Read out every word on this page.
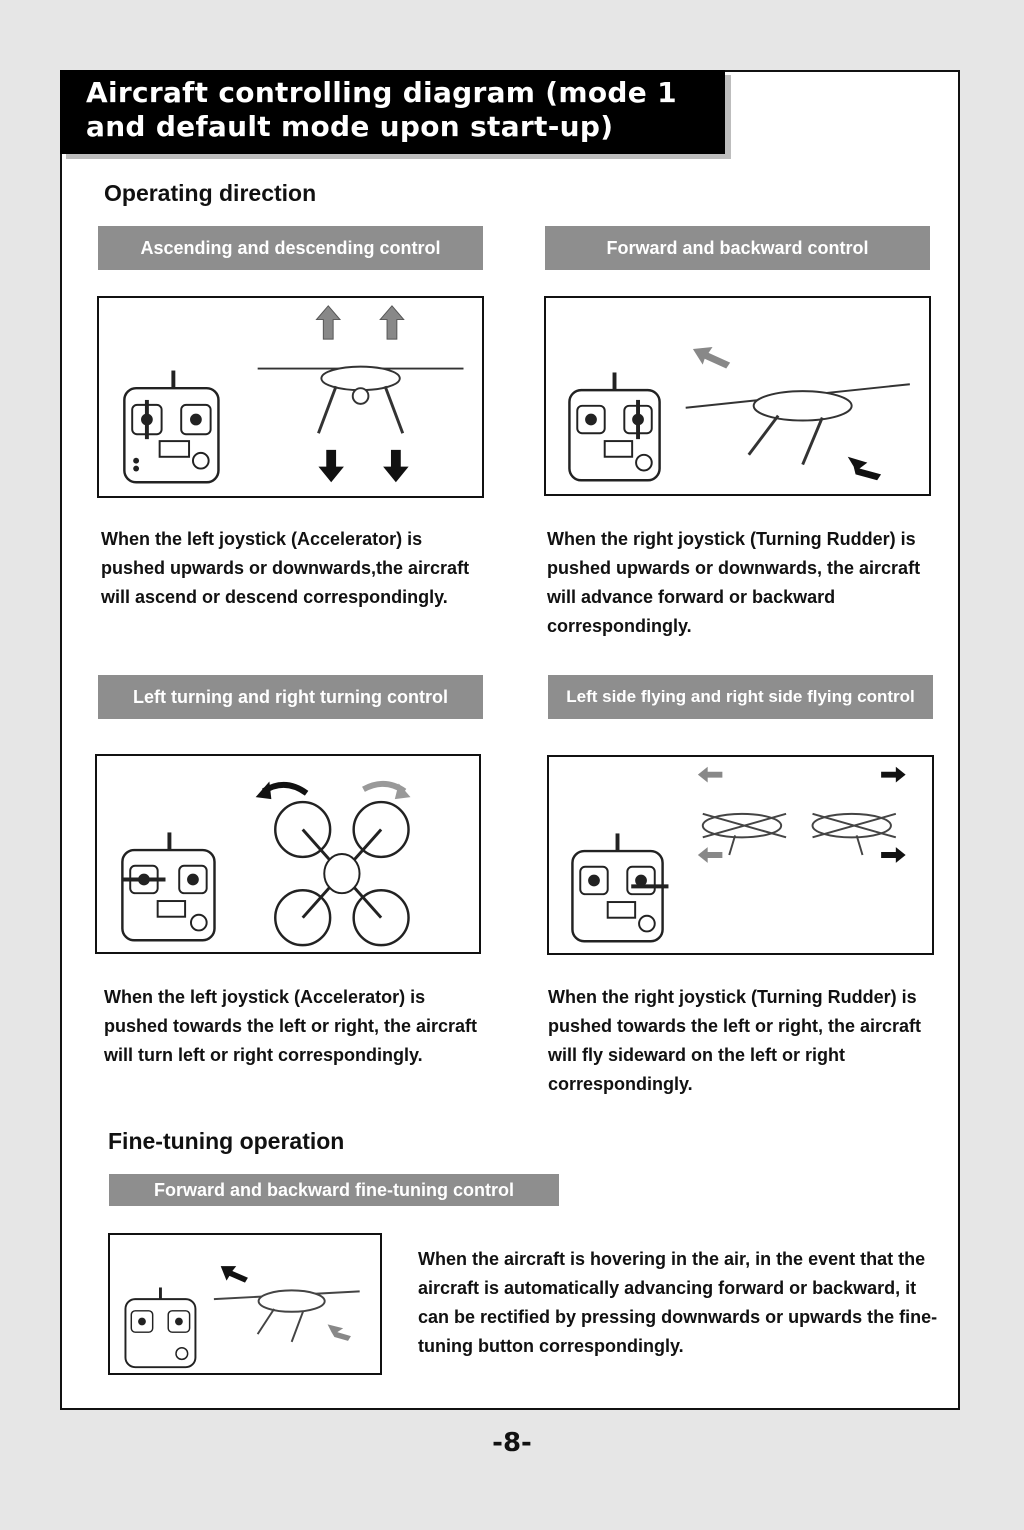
Aircraft controlling diagram (mode 1
and default mode upon start-up)
Operating direction
Ascending and descending control
When the left joystick (Accelerator) is pushed upwards or downwards,the aircraft will ascend or descend correspondingly.
Forward and backward control
When the right joystick (Turning Rudder) is pushed upwards or downwards, the aircraft will advance forward or backward correspondingly.
Left turning and right turning control
When the left joystick (Accelerator) is pushed towards the left or right, the aircraft will turn left or right correspondingly.
Left side flying and right side flying control
When the right joystick (Turning Rudder) is pushed towards the left or right, the aircraft will fly sideward on the left or right correspondingly.
Fine-tuning operation
Forward and backward fine-tuning control
When the aircraft is hovering in the air, in the event that the aircraft is automatically advancing forward or backward, it can be rectified by pressing downwards or upwards the fine-tuning button correspondingly.
-8-
